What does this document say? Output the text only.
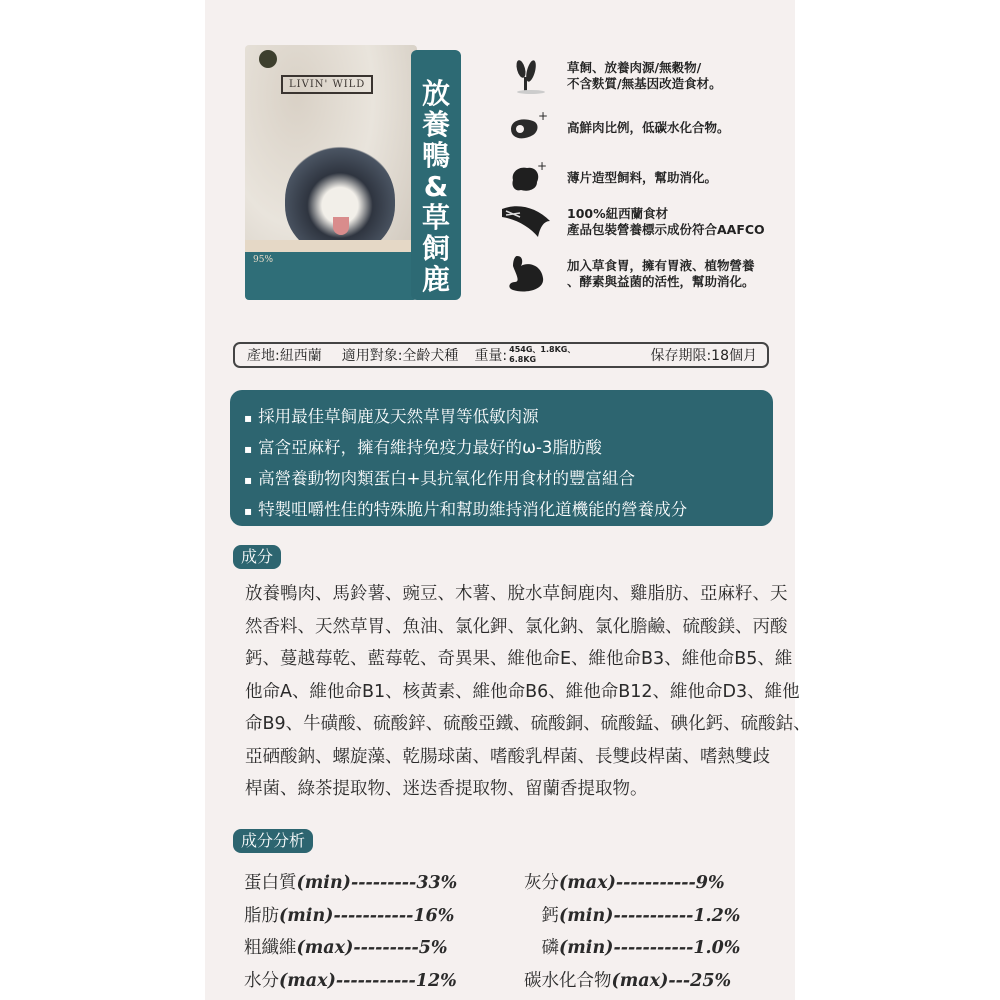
LIVIN' WILD
95%
放
養
鴨
&
草
飼
鹿
草飼、放養肉源/無穀物/
不含麩質/無基因改造食材。
+
高鮮肉比例，低碳水化合物。
+
薄片造型飼料，幫助消化。
100%紐西蘭食材
產品包裝營養標示成份符合AAFCO
加入草食胃，擁有胃液、植物營養
、酵素與益菌的活性，幫助消化。
產地:紐西蘭 適用對象:全齡犬種 重量: 454G、1.8KG、
6.8KG	保存期限:18個月
▪ 採用最佳草飼鹿及天然草胃等低敏肉源
▪ 富含亞麻籽，擁有維持免疫力最好的ω-3脂肪酸
▪ 高營養動物肉類蛋白+具抗氧化作用食材的豐富組合
▪ 特製咀嚼性佳的特殊脆片和幫助維持消化道機能的營養成分
成分
放養鴨肉、馬鈴薯、豌豆、木薯、脫水草飼鹿肉、雞脂肪、亞麻籽、天
然香料、天然草胃、魚油、氯化鉀、氯化鈉、氯化膽鹼、硫酸鎂、丙酸
鈣、蔓越莓乾、藍莓乾、奇異果、維他命E、維他命B3、維他命B5、維
他命A、維他命B1、核黃素、維他命B6、維他命B12、維他命D3、維他
命B9、牛磺酸、硫酸鋅、硫酸亞鐵、硫酸銅、硫酸錳、碘化鈣、硫酸鈷、
亞硒酸鈉、螺旋藻、乾腸球菌、嗜酸乳桿菌、長雙歧桿菌、嗜熱雙歧
桿菌、綠茶提取物、迷迭香提取物、留蘭香提取物。
成分分析
蛋白質(min)---------33%
脂肪(min)-----------16%
粗纖維(max)---------5%
水分(max)-----------12%
灰分(max)-----------9%
　鈣(min)-----------1.2%
　磷(min)-----------1.0%
碳水化合物(max)---25%
